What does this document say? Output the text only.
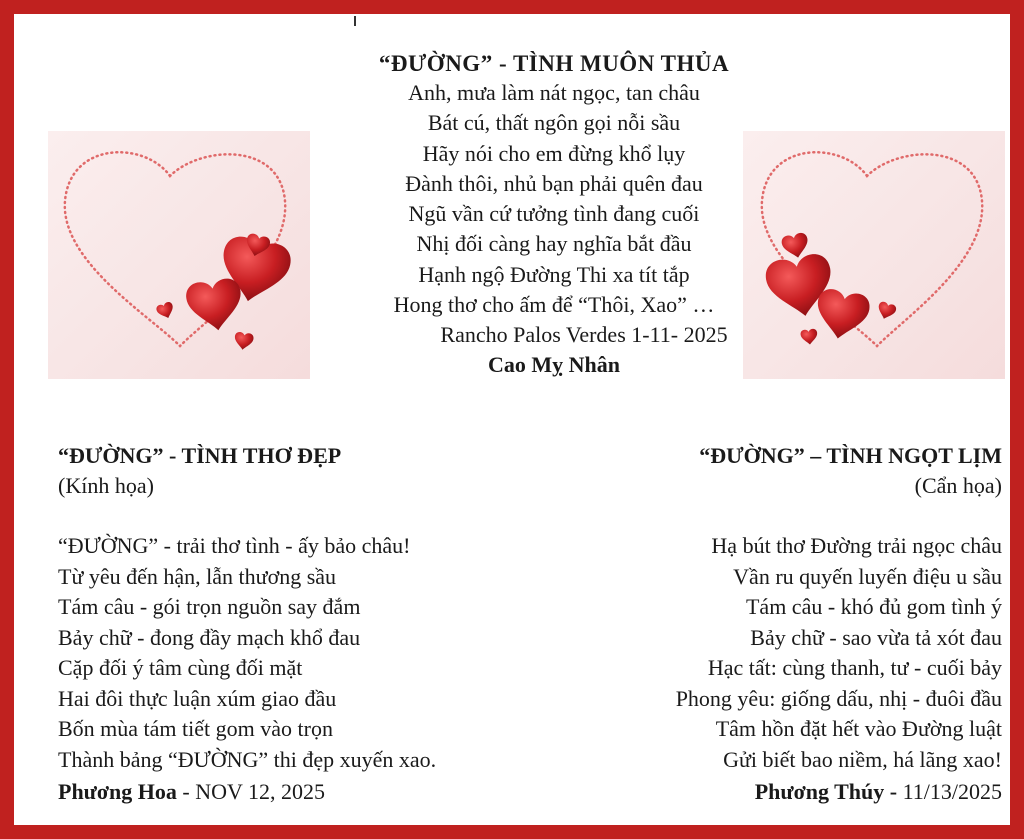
“ĐƯỜNG” - TÌNH MUÔN THỦA
Anh, mưa làm nát ngọc, tan châu
Bát cú, thất ngôn gọi nỗi sầu
Hãy nói cho em đừng khổ lụy
Đành thôi, nhủ bạn phải quên đau
Ngũ vần cứ tưởng tình đang cuối
Nhị đối càng hay nghĩa bắt đầu
Hạnh ngộ Đường Thi xa tít tắp
Hong thơ cho ấm để “Thôi, Xao” …
Rancho Palos Verdes 1-11- 2025
Cao Mỵ Nhân
“ĐƯỜNG” - TÌNH THƠ ĐẸP
(Kính họa)
“ĐƯỜNG” - trải thơ tình - ấy bảo châu!
Từ yêu đến hận, lẫn thương sầu
Tám câu - gói trọn nguồn say đắm
Bảy chữ - đong đầy mạch khổ đau
Cặp đối ý tâm cùng đối mặt
Hai đôi thực luận xúm giao đầu
Bốn mùa tám tiết gom vào trọn
Thành bảng “ĐƯỜNG” thi đẹp xuyến xao.
Phương Hoa - NOV 12, 2025
“ĐƯỜNG” – TÌNH NGỌT LỊM
(Cẩn họa)
Hạ bút thơ Đường trải ngọc châu
Vần ru quyến luyến điệu u sầu
Tám câu - khó đủ gom tình ý
Bảy chữ - sao vừa tả xót đau
Hạc tất: cùng thanh, tư - cuối bảy
Phong yêu: giống dấu, nhị - đuôi đầu
Tâm hồn đặt hết vào Đường luật
Gửi biết bao niềm, há lãng xao!
Phương Thúy - 11/13/2025
